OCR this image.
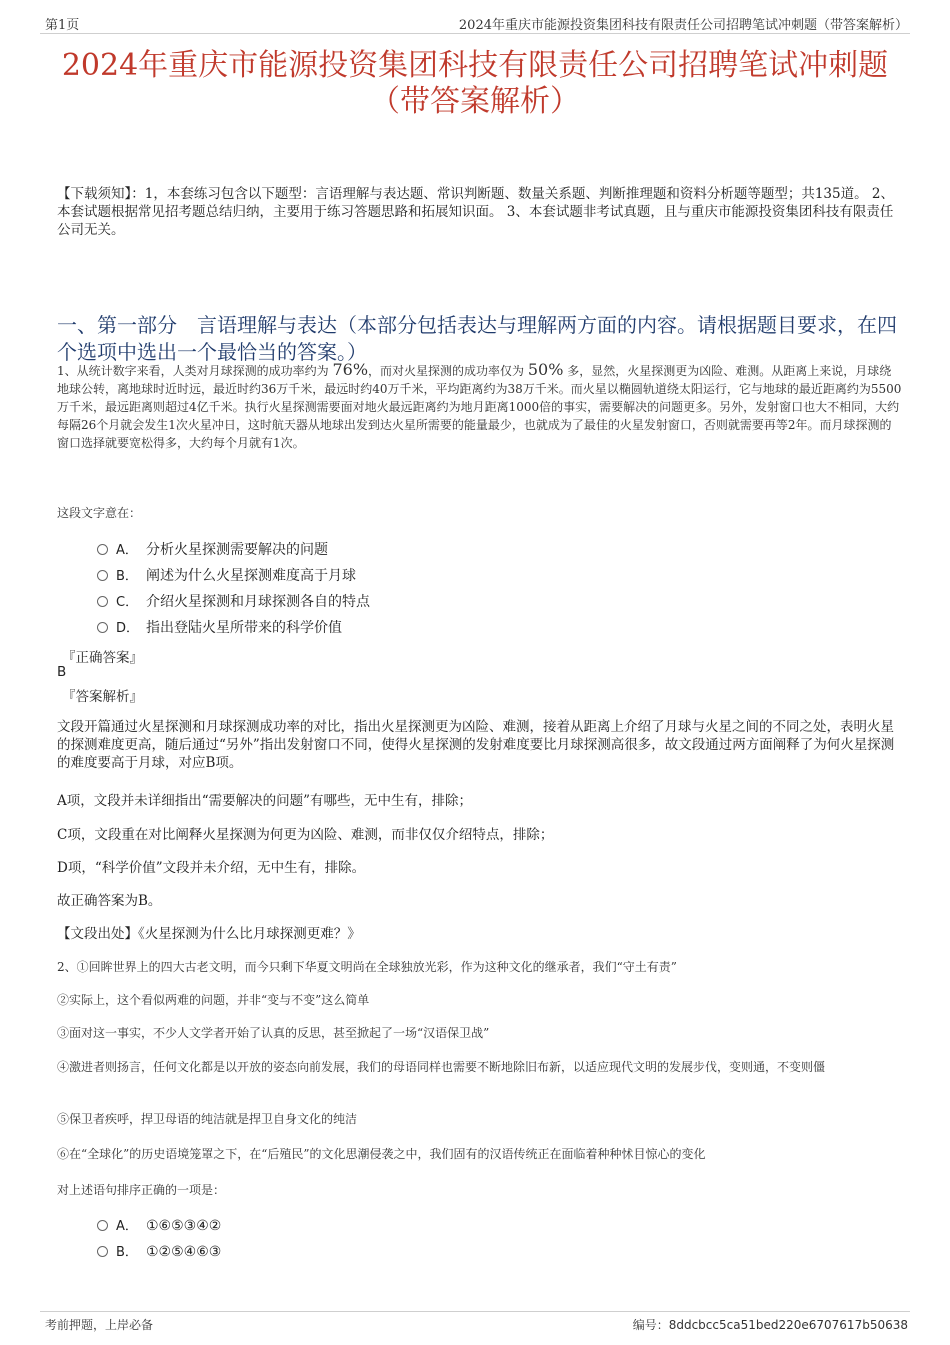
第1页	2024年重庆市能源投资集团科技有限责任公司招聘笔试冲刺题（带答案解析）
2024年重庆市能源投资集团科技有限责任公司招聘笔试冲刺题
（带答案解析）
【下载须知】：1，本套练习包含以下题型：言语理解与表达题、常识判断题、数量关系题、判断推理题和资料分析题等题型；共135道。 2、本套试题根据常见招考题总结归纳，主要用于练习答题思路和拓展知识面。 3、本套试题非考试真题，且与重庆市能源投资集团科技有限责任公司无关。
一、第一部分　言语理解与表达（本部分包括表达与理解两方面的内容。请根据题目要求，在四个选项中选出一个最恰当的答案。）
1、从统计数字来看，人类对月球探测的成功率约为 76%，而对火星探测的成功率仅为 50% 多，显然，火星探测更为凶险、难测。从距离上来说，月球绕地球公转，离地球时近时远，最近时约36万千米，最远时约40万千米，平均距离约为38万千米。而火星以椭圆轨道绕太阳运行，它与地球的最近距离约为5500万千米，最远距离则超过4亿千米。执行火星探测需要面对地火最远距离约为地月距离1000倍的事实，需要解决的问题更多。另外，发射窗口也大不相同，大约每隔26个月就会发生1次火星冲日，这时航天器从地球出发到达火星所需要的能量最少，也就成为了最佳的火星发射窗口，否则就需要再等2年。而月球探测的窗口选择就要宽松得多，大约每个月就有1次。
这段文字意在：
A． 分析火星探测需要解决的问题
B． 阐述为什么火星探测难度高于月球
C． 介绍火星探测和月球探测各自的特点
D． 指出登陆火星所带来的科学价值
『正确答案』
B
『答案解析』
文段开篇通过火星探测和月球探测成功率的对比，指出火星探测更为凶险、难测，接着从距离上介绍了月球与火星之间的不同之处，表明火星的探测难度更高，随后通过“另外”指出发射窗口不同，使得火星探测的发射难度要比月球探测高很多，故文段通过两方面阐释了为何火星探测的难度要高于月球，对应B项。
A项，文段并未详细指出“需要解决的问题”有哪些，无中生有，排除；
C项，文段重在对比阐释火星探测为何更为凶险、难测，而非仅仅介绍特点，排除；
D项，“科学价值”文段并未介绍，无中生有，排除。
故正确答案为B。
【文段出处】《火星探测为什么比月球探测更难？》
2、①回眸世界上的四大古老文明，而今只剩下华夏文明尚在全球独放光彩，作为这种文化的继承者，我们“守土有责”
②实际上，这个看似两难的问题，并非“变与不变”这么简单
③面对这一事实，不少人文学者开始了认真的反思，甚至掀起了一场“汉语保卫战”
④激进者则扬言，任何文化都是以开放的姿态向前发展，我们的母语同样也需要不断地除旧布新，以适应现代文明的发展步伐，变则通，不变则僵
⑤保卫者疾呼，捍卫母语的纯洁就是捍卫自身文化的纯洁
⑥在“全球化”的历史语境笼罩之下，在“后殖民”的文化思潮侵袭之中，我们固有的汉语传统正在面临着种种怵目惊心的变化
对上述语句排序正确的一项是：
A． ①⑥⑤③④②
B． ①②⑤④⑥③
考前押题，上岸必备	编号：8ddcbcc5ca51bed220e6707617b50638
